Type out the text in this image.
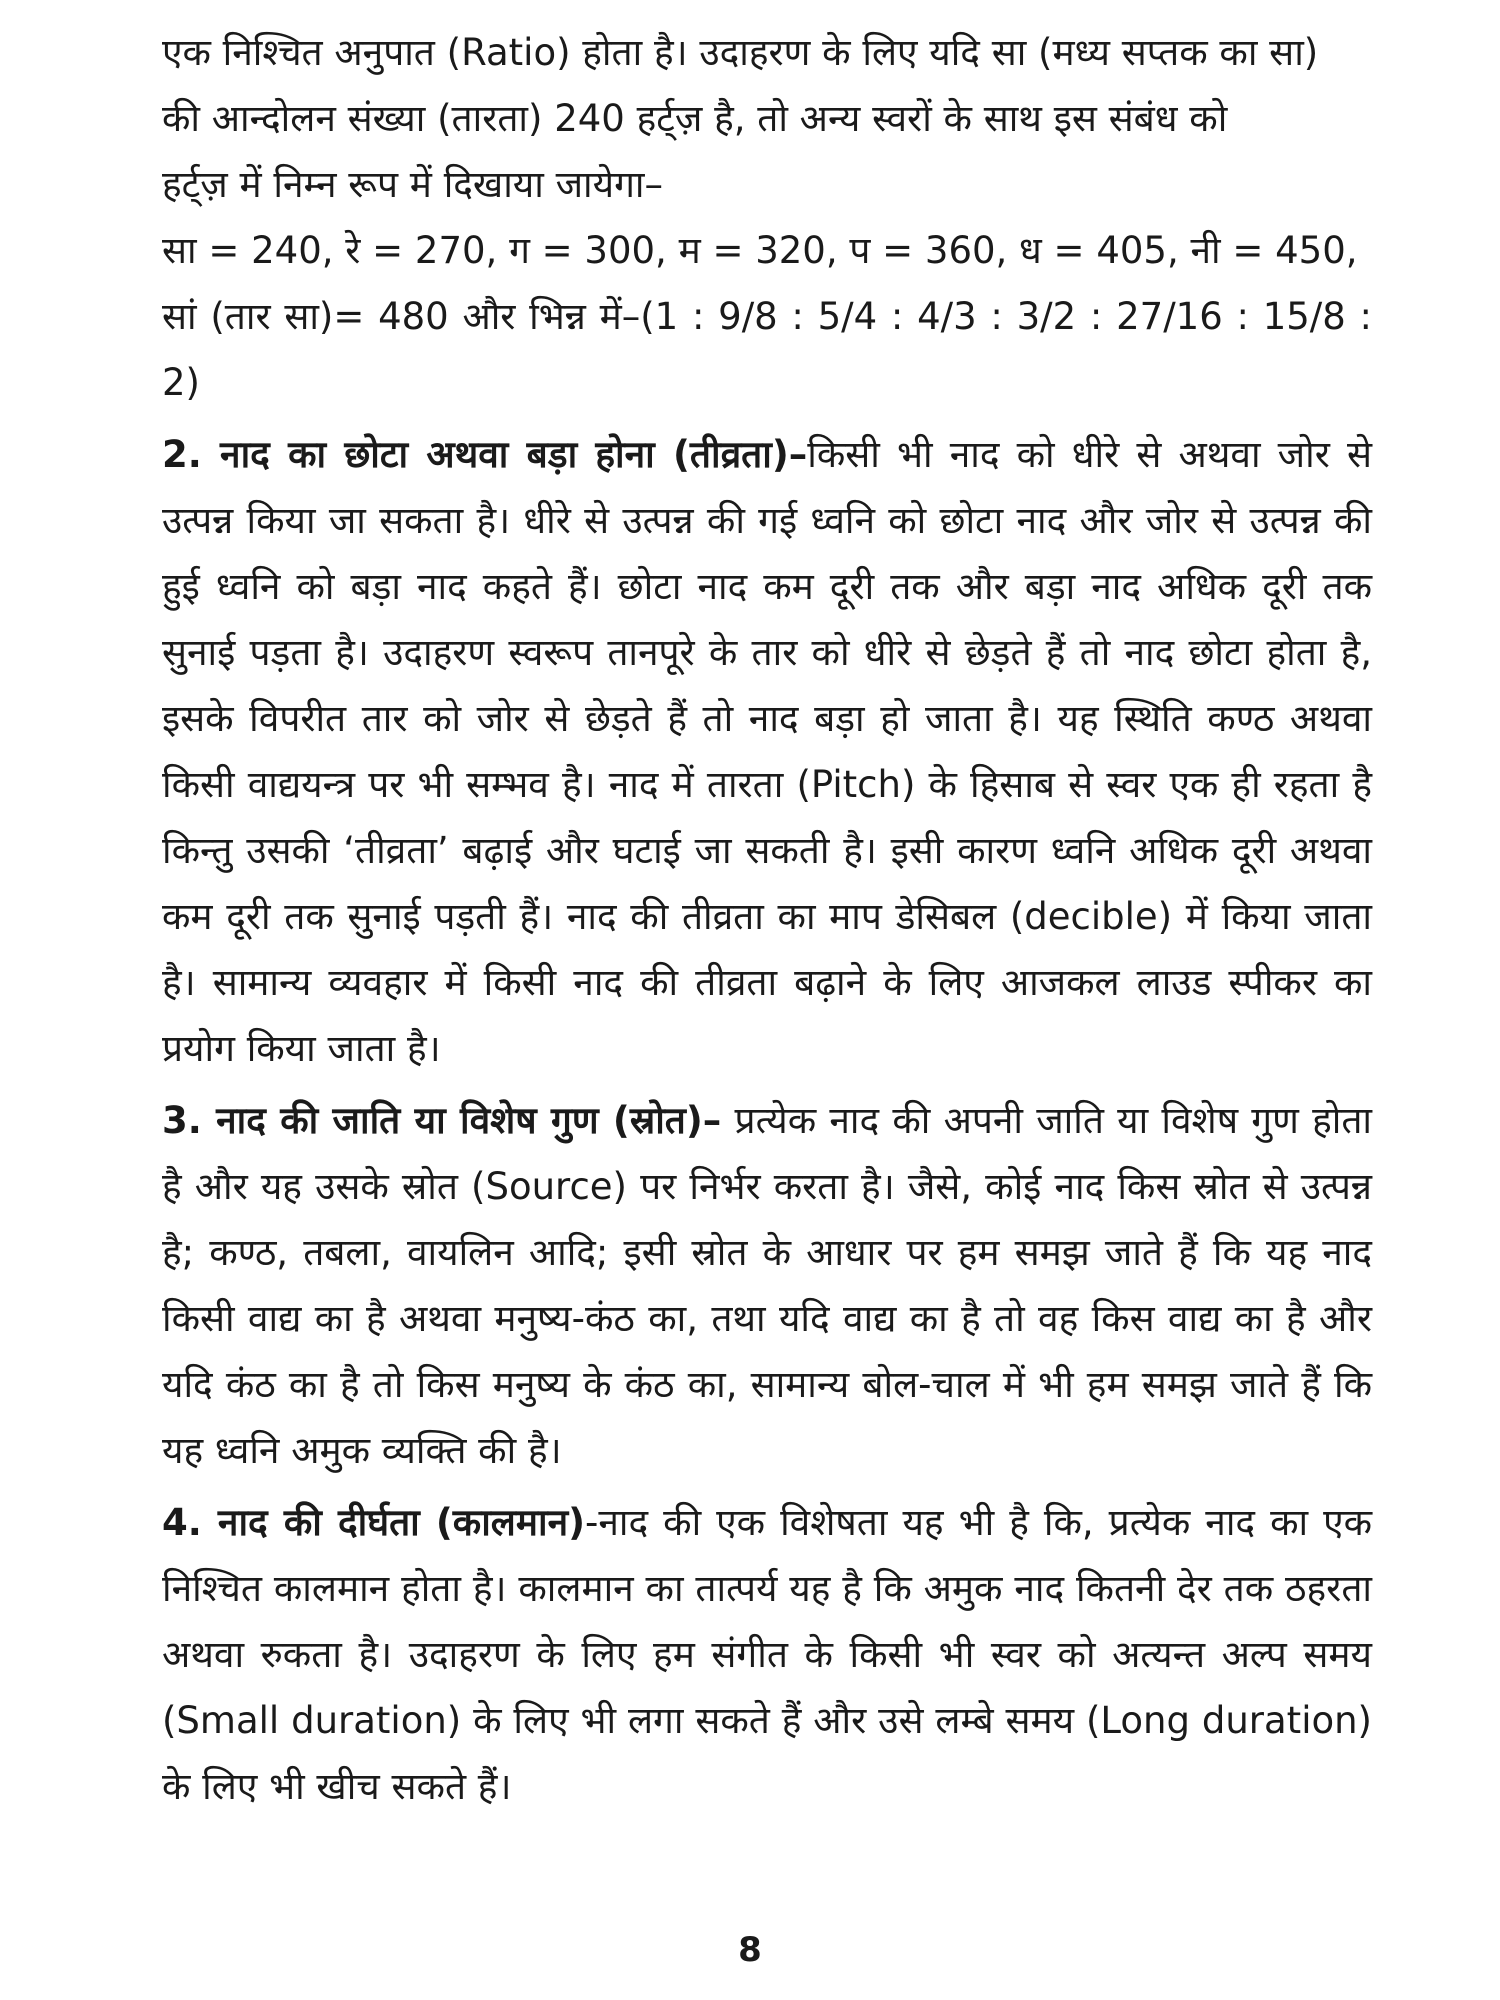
एक निश्चित अनुपात (Ratio) होता है। उदाहरण के लिए यदि सा (मध्य सप्तक का सा)
की आन्दोलन संख्या (तारता) 240 हर्ट्ज़ है, तो अन्य स्वरों के साथ इस संबंध को
हर्ट्ज़ में निम्न रूप में दिखाया जायेगा–
सा = 240, रे = 270, ग = 300, म = 320, प = 360, ध = 405, नी = 450,
सां (तार सा)= 480 और भिन्न में–(1 : 9/8 : 5/4 : 4/3 : 3/2 : 27/16 : 15/8 : 2)

2. नाद का छोटा अथवा बड़ा होना (तीव्रता)–किसी भी नाद को धीरे से अथवा जोर से उत्पन्न किया जा सकता है। धीरे से उत्पन्न की गई ध्वनि को छोटा नाद और जोर से उत्पन्न की हुई ध्वनि को बड़ा नाद कहते हैं। छोटा नाद कम दूरी तक और बड़ा नाद अधिक दूरी तक सुनाई पड़ता है। उदाहरण स्वरूप तानपूरे के तार को धीरे से छेड़ते हैं तो नाद छोटा होता है, इसके विपरीत तार को जोर से छेड़ते हैं तो नाद बड़ा हो जाता है। यह स्थिति कण्ठ अथवा किसी वाद्ययन्त्र पर भी सम्भव है। नाद में तारता (Pitch) के हिसाब से स्वर एक ही रहता है किन्तु उसकी ‘तीव्रता’ बढ़ाई और घटाई जा सकती है। इसी कारण ध्वनि अधिक दूरी अथवा कम दूरी तक सुनाई पड़ती हैं। नाद की तीव्रता का माप डेसिबल (decible) में किया जाता है। सामान्य व्यवहार में किसी नाद की तीव्रता बढ़ाने के लिए आजकल लाउड स्पीकर का प्रयोग किया जाता है।

3. नाद की जाति या विशेष गुण (स्रोत)– प्रत्येक नाद की अपनी जाति या विशेष गुण होता है और यह उसके स्रोत (Source) पर निर्भर करता है। जैसे, कोई नाद किस स्रोत से उत्पन्न है; कण्ठ, तबला, वायलिन आदि; इसी स्रोत के आधार पर हम समझ जाते हैं कि यह नाद किसी वाद्य का है अथवा मनुष्य-कंठ का, तथा यदि वाद्य का है तो वह किस वाद्य का है और यदि कंठ का है तो किस मनुष्य के कंठ का, सामान्य बोल-चाल में भी हम समझ जाते हैं कि यह ध्वनि अमुक व्यक्ति की है।

4. नाद की दीर्घता (कालमान)-नाद की एक विशेषता यह भी है कि, प्रत्येक नाद का एक निश्चित कालमान होता है। कालमान का तात्पर्य यह है कि अमुक नाद कितनी देर तक ठहरता अथवा रुकता है। उदाहरण के लिए हम संगीत के किसी भी स्वर को अत्यन्त अल्प समय (Small duration) के लिए भी लगा सकते हैं और उसे लम्बे समय (Long duration) के लिए भी खीच सकते हैं।

8
